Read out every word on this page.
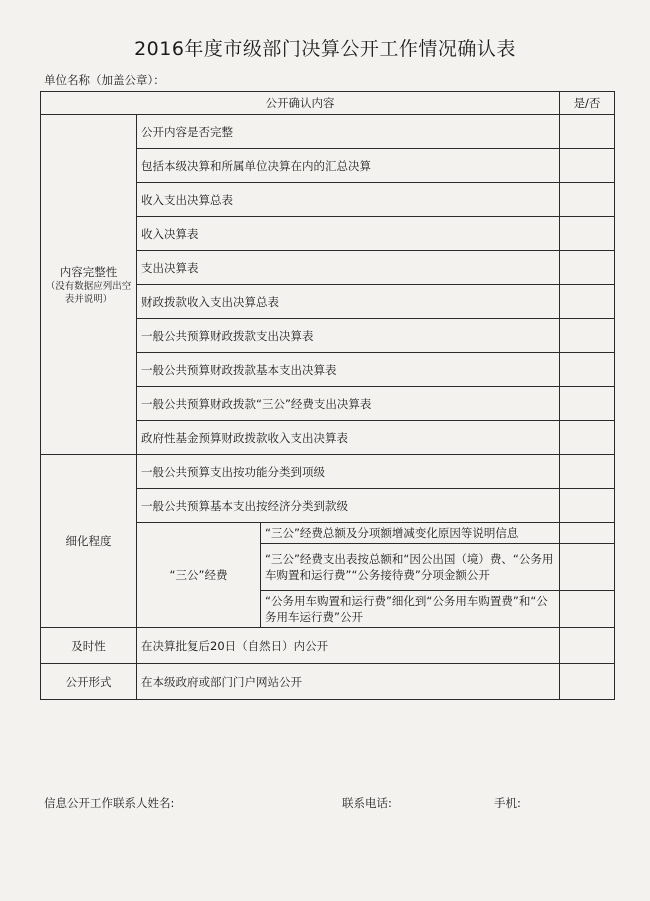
2016年度市级部门决算公开工作情况确认表
单位名称（加盖公章）：
公开确认内容			是/否

内容完整性
（没有数据应列出空表并说明）	公开内容是否完整		
	包括本级决算和所属单位决算在内的汇总决算		
	收入支出决算总表		
	收入决算表		
	支出决算表		
	财政拨款收入支出决算总表		
	一般公共预算财政拨款支出决算表		
	一般公共预算财政拨款基本支出决算表		
	一般公共预算财政拨款“三公”经费支出决算表		
	政府性基金预算财政拨款收入支出决算表		
细化程度	一般公共预算支出按功能分类到项级		
	一般公共预算基本支出按经济分类到款级		
	“三公”经费	“三公”经费总额及分项额增减变化原因等说明信息	
		“三公”经费支出表按总额和“因公出国（境）费、“公务用车购置和运行费”“公务接待费”分项金额公开	
		“公务用车购置和运行费”细化到“公务用车购置费”和“公务用车运行费”公开	
及时性	在决算批复后20日（自然日）内公开		
公开形式	在本级政府或部门门户网站公开		
信息公开工作联系人姓名:	联系电话:	手机:
